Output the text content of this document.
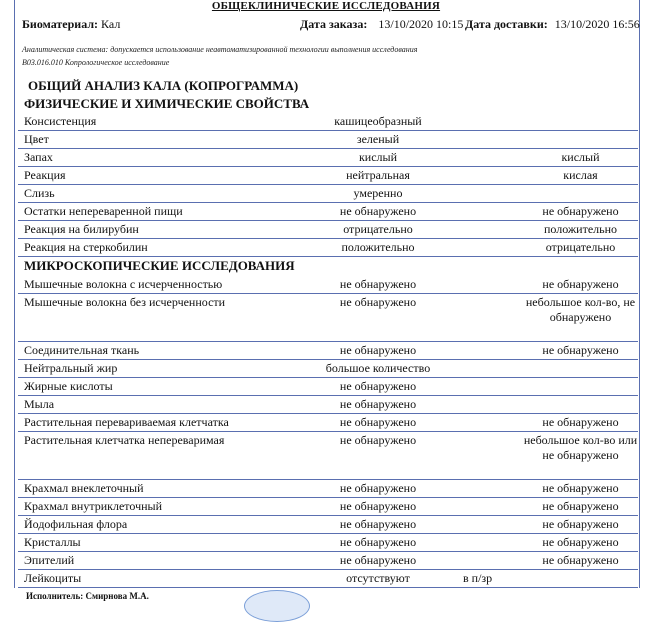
ОБЩЕКЛИНИЧЕСКИЕ ИССЛЕДОВАНИЯ
Биоматериал: Кал	Дата заказа: 13/10/2020 10:15 Дата доставки: 13/10/2020 16:56
Аналитическая система: допускается использование неавтоматизированной технологии выполнения исследования
В03.016.010 Копрологическое исследование
ОБЩИЙ АНАЛИЗ КАЛА (КОПРОГРАММА)
ФИЗИЧЕСКИЕ И ХИМИЧЕСКИЕ СВОЙСТВА
Консистенция	кашицеобразный
Цвет	зеленый
Запах	кислый	кислый
Реакция	нейтральная	кислая
Слизь	умеренно
Остатки непереваренной пищи	не обнаружено	не обнаружено
Реакция на билирубин	отрицательно	положительно
Реакция на стеркобилин	положительно	отрицательно
МИКРОСКОПИЧЕСКИЕ ИССЛЕДОВАНИЯ
Мышечные волокна с исчерченностью	не обнаружено	не обнаружено
Мышечные волокна без исчерченности	не обнаружено	небольшое кол-во, не обнаружено
Соединительная ткань	не обнаружено	не обнаружено
Нейтральный жир	большое количество
Жирные кислоты	не обнаружено
Мыла	не обнаружено
Растительная перевариваемая клетчатка	не обнаружено	не обнаружено
Растительная клетчатка непереваримая	не обнаружено	небольшое кол-во или не обнаружено
Крахмал внеклеточный	не обнаружено	не обнаружено
Крахмал внутриклеточный	не обнаружено	не обнаружено
Йодофильная флора	не обнаружено	не обнаружено
Кристаллы	не обнаружено	не обнаружено
Эпителий	не обнаружено	не обнаружено
Лейкоциты	отсутствуют	в п/зр
Исполнитель: Смирнова М.А.
